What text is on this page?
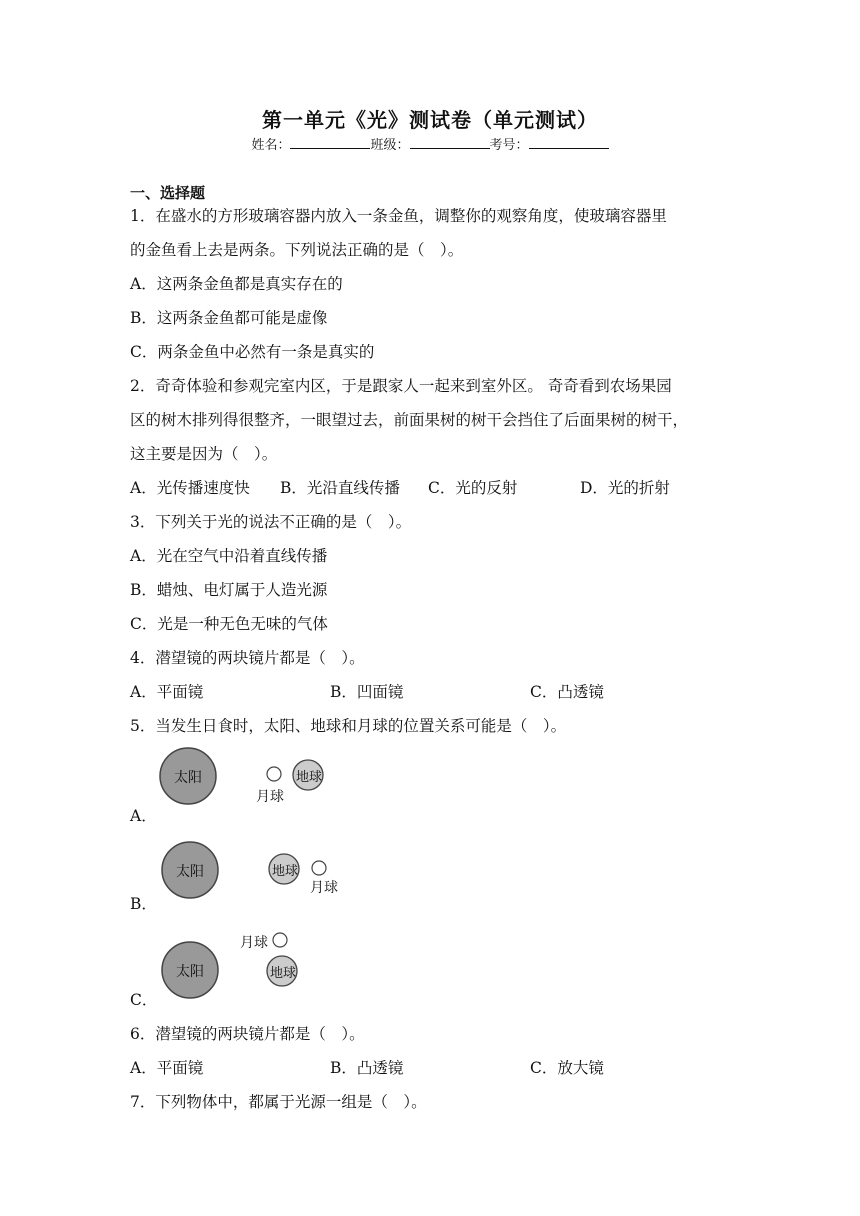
第一单元《光》测试卷（单元测试）
姓名：	班级：	考号：
一、选择题
1．在盛水的方形玻璃容器内放入一条金鱼，调整你的观察角度，使玻璃容器里
的金鱼看上去是两条。下列说法正确的是（　）。
A．这两条金鱼都是真实存在的
B．这两条金鱼都可能是虚像
C．两条金鱼中必然有一条是真实的
2．奇奇体验和参观完室内区，于是跟家人一起来到室外区。 奇奇看到农场果园
区的树木排列得很整齐，一眼望过去，前面果树的树干会挡住了后面果树的树干，
这主要是因为（　）。
A．光传播速度快 B．光沿直线传播 C．光的反射	D．光的折射
3．下列关于光的说法不正确的是（　）。
A．光在空气中沿着直线传播
B．蜡烛、电灯属于人造光源
C．光是一种无色无味的气体
4．潜望镜的两块镜片都是（　）。
A．平面镜	B．凹面镜	C．凸透镜
5．当发生日食时，太阳、地球和月球的位置关系可能是（　）。
A．
太阳	地球
月球
B．
太阳	地球
月球
C．
太阳
月球
地球
6．潜望镜的两块镜片都是（　）。
A．平面镜	B．凸透镜	C．放大镜
7．下列物体中，都属于光源一组是（　）。
